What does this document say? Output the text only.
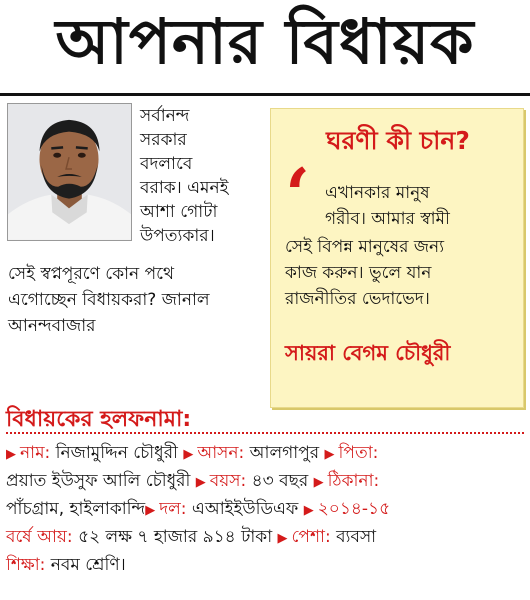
আপনার বিধায়ক
সর্বানন্দ
সরকার
বদলাবে
বরাক। এমনই
আশা গোটা
উপত্যকার।
সেই স্বপ্নপূরণে কোন পথে
এগোচ্ছেন বিধায়করা? জানাল
আনন্দবাজার
ঘরণী কী চান?
‘ এখানকার মানুষ
গরীব। আমার স্বামী
সেই বিপন্ন মানুষের জন্য
কাজ করুন। ভুলে যান
রাজনীতির ভেদাভেদ।
সায়রা বেগম চৌধুরী
বিধায়কের হলফনামা:
▶ নাম: নিজামুদ্দিন চৌধুরী ▶ আসন: আলগাপুর ▶ পিতা:
প্রয়াত ইউসুফ আলি চৌধুরী ▶ বয়স: ৪৩ বছর ▶ ঠিকানা:
পাঁচগ্রাম, হাইলাকান্দি▶ দল: এআইইউডিএফ ▶ ২০১৪-১৫
বর্ষে আয়: ৫২ লক্ষ ৭ হাজার ৯১৪ টাকা ▶ পেশা: ব্যবসা
শিক্ষা: নবম শ্রেণি।
